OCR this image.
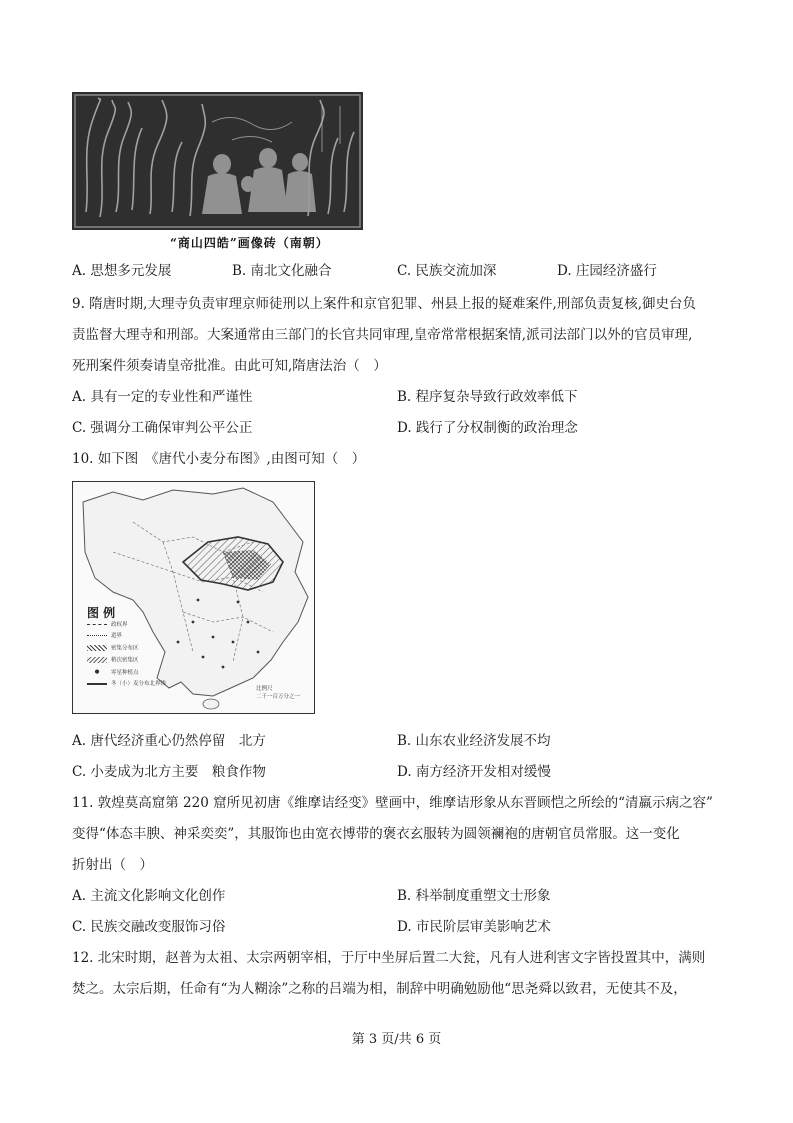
“商山四皓”画像砖（南朝）
A. 思想多元发展	B. 南北文化融合	C. 民族交流加深	D. 庄园经济盛行
9. 隋唐时期,大理寺负责审理京师徒刑以上案件和京官犯罪、州县上报的疑难案件,刑部负责复核,御史台负
责监督大理寺和刑部。大案通常由三部门的长官共同审理,皇帝常常根据案情,派司法部门以外的官员审理,
死刑案件须奏请皇帝批准。由此可知,隋唐法治（　）
A. 具有一定的专业性和严谨性	B. 程序复杂导致行政效率低下
C. 强调分工确保审判公平公正	D. 践行了分权制衡的政治理念
10. 如下图　《唐代小麦分布图》,由图可知（　）
图 例
政权界
道界
密集分布区
稍次密集区
● 零星种植点
冬（小）麦分布北界线
比例尺
二千一百万分之一
A. 唐代经济重心仍然停留　北方	B. 山东农业经济发展不均
C. 小麦成为北方主要　粮食作物	D. 南方经济开发相对缓慢
11. 敦煌莫高窟第 220 窟所见初唐《维摩诘经变》壁画中，维摩诘形象从东晋顾恺之所绘的“清羸示病之容”
变得“体态丰腴、神采奕奕”，其服饰也由宽衣博带的褒衣玄服转为圆领襕袍的唐朝官员常服。这一变化
折射出（　）
A. 主流文化影响文化创作	B. 科举制度重塑文士形象
C. 民族交融改变服饰习俗	D. 市民阶层审美影响艺术
12. 北宋时期，赵普为太祖、太宗两朝宰相，于厅中坐屏后置二大瓮，凡有人进利害文字皆投置其中，满则
焚之。太宗后期，任命有“为人糊涂”之称的吕端为相，制辞中明确勉励他“思尧舜以致君，无使其不及，
第 3 页/共 6 页
